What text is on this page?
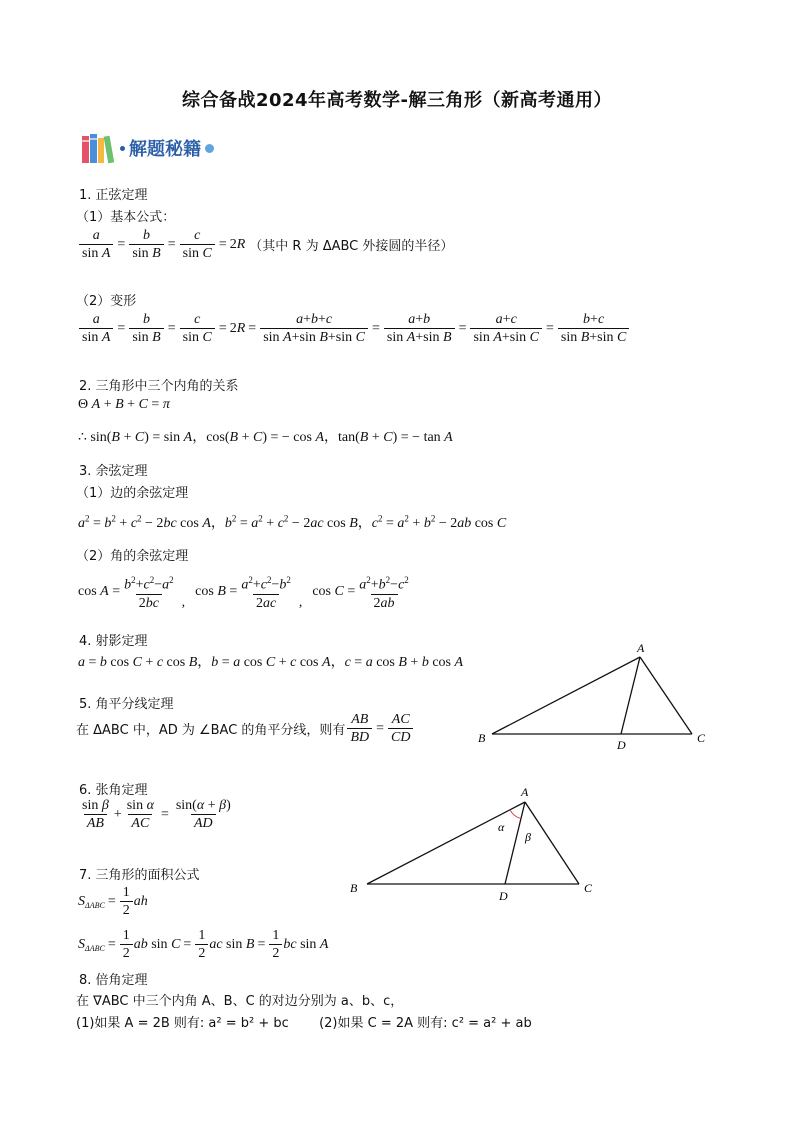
综合备战2024年高考数学-解三角形（新高考通用）
解题秘籍
1. 正弦定理
（1）基本公式：
$\frac{a}{\text{sin A}} = \frac{b}{\text{sin B}} = \frac{c}{\text{sin C}} = 2R$ （其中 R 为 ΔABC 外接圆的半径）
（2）变形
$\frac{a}{\text{sin A}} = \frac{b}{\text{sin B}} = \frac{c}{\text{sin C}} = 2R = \frac{a+b+c}{\text{sin A+sin B+sin C}} = \frac{a+b}{\text{sin A+sin B}} = \frac{a+c}{\text{sin A+sin C}} = \frac{b+c}{\text{sin B+sin C}}$
2. 三角形中三个内角的关系
Θ A + B + C = π
∴ sin(B + C) = sin A，cos(B + C) = − cos A，tan(B + C) = − tan A
3. 余弦定理
（1）边的余弦定理
$a^2 = b^2 + c^2 - 2bc$ cos A，$b^2 = a^2 + c^2 - 2ac$ cos B，$c^2 = a^2 + b^2 - 2ab$ cos C
（2）角的余弦定理
$\cos A = \frac{b^2+c^2-a^2}{2bc}$ ,
$\cos B = \frac{a^2+c^2-b^2}{2ac}$ ,
$\cos C = \frac{a^2+b^2-c^2}{2ab}$
4. 射影定理
a = b cos C + c cos B，b = a cos C + c cos A，c = a cos B + b cos A
5. 角平分线定理
在 ΔABC 中，AD 为 ∠BAC 的角平分线，则有 $\frac{AB}{BD} = \frac{AC}{CD}$
A
B	C
D
6. 张角定理
$\frac{\text{sin β}}{AB} + \frac{\text{sin α}}{AC} = \frac{\sin(\alpha + \beta)}{AD}$
A
B	C
D
α
β
7. 三角形的面积公式
$S_{\Delta ABC} = \frac{1}{2}$ ah
$S_{\Delta ABC} = \frac{1}{2}$ ab $\sin C = \frac{1}{2}$ ac $\sin B = \frac{1}{2}$ bc sin A
8. 倍角定理
在 ∇ABC 中三个内角 A、B、C 的对边分别为 a、b、c，
(1)如果 A = 2B 则有: a² = b² + bc (2)如果 C = 2A 则有: c² = a² + ab
